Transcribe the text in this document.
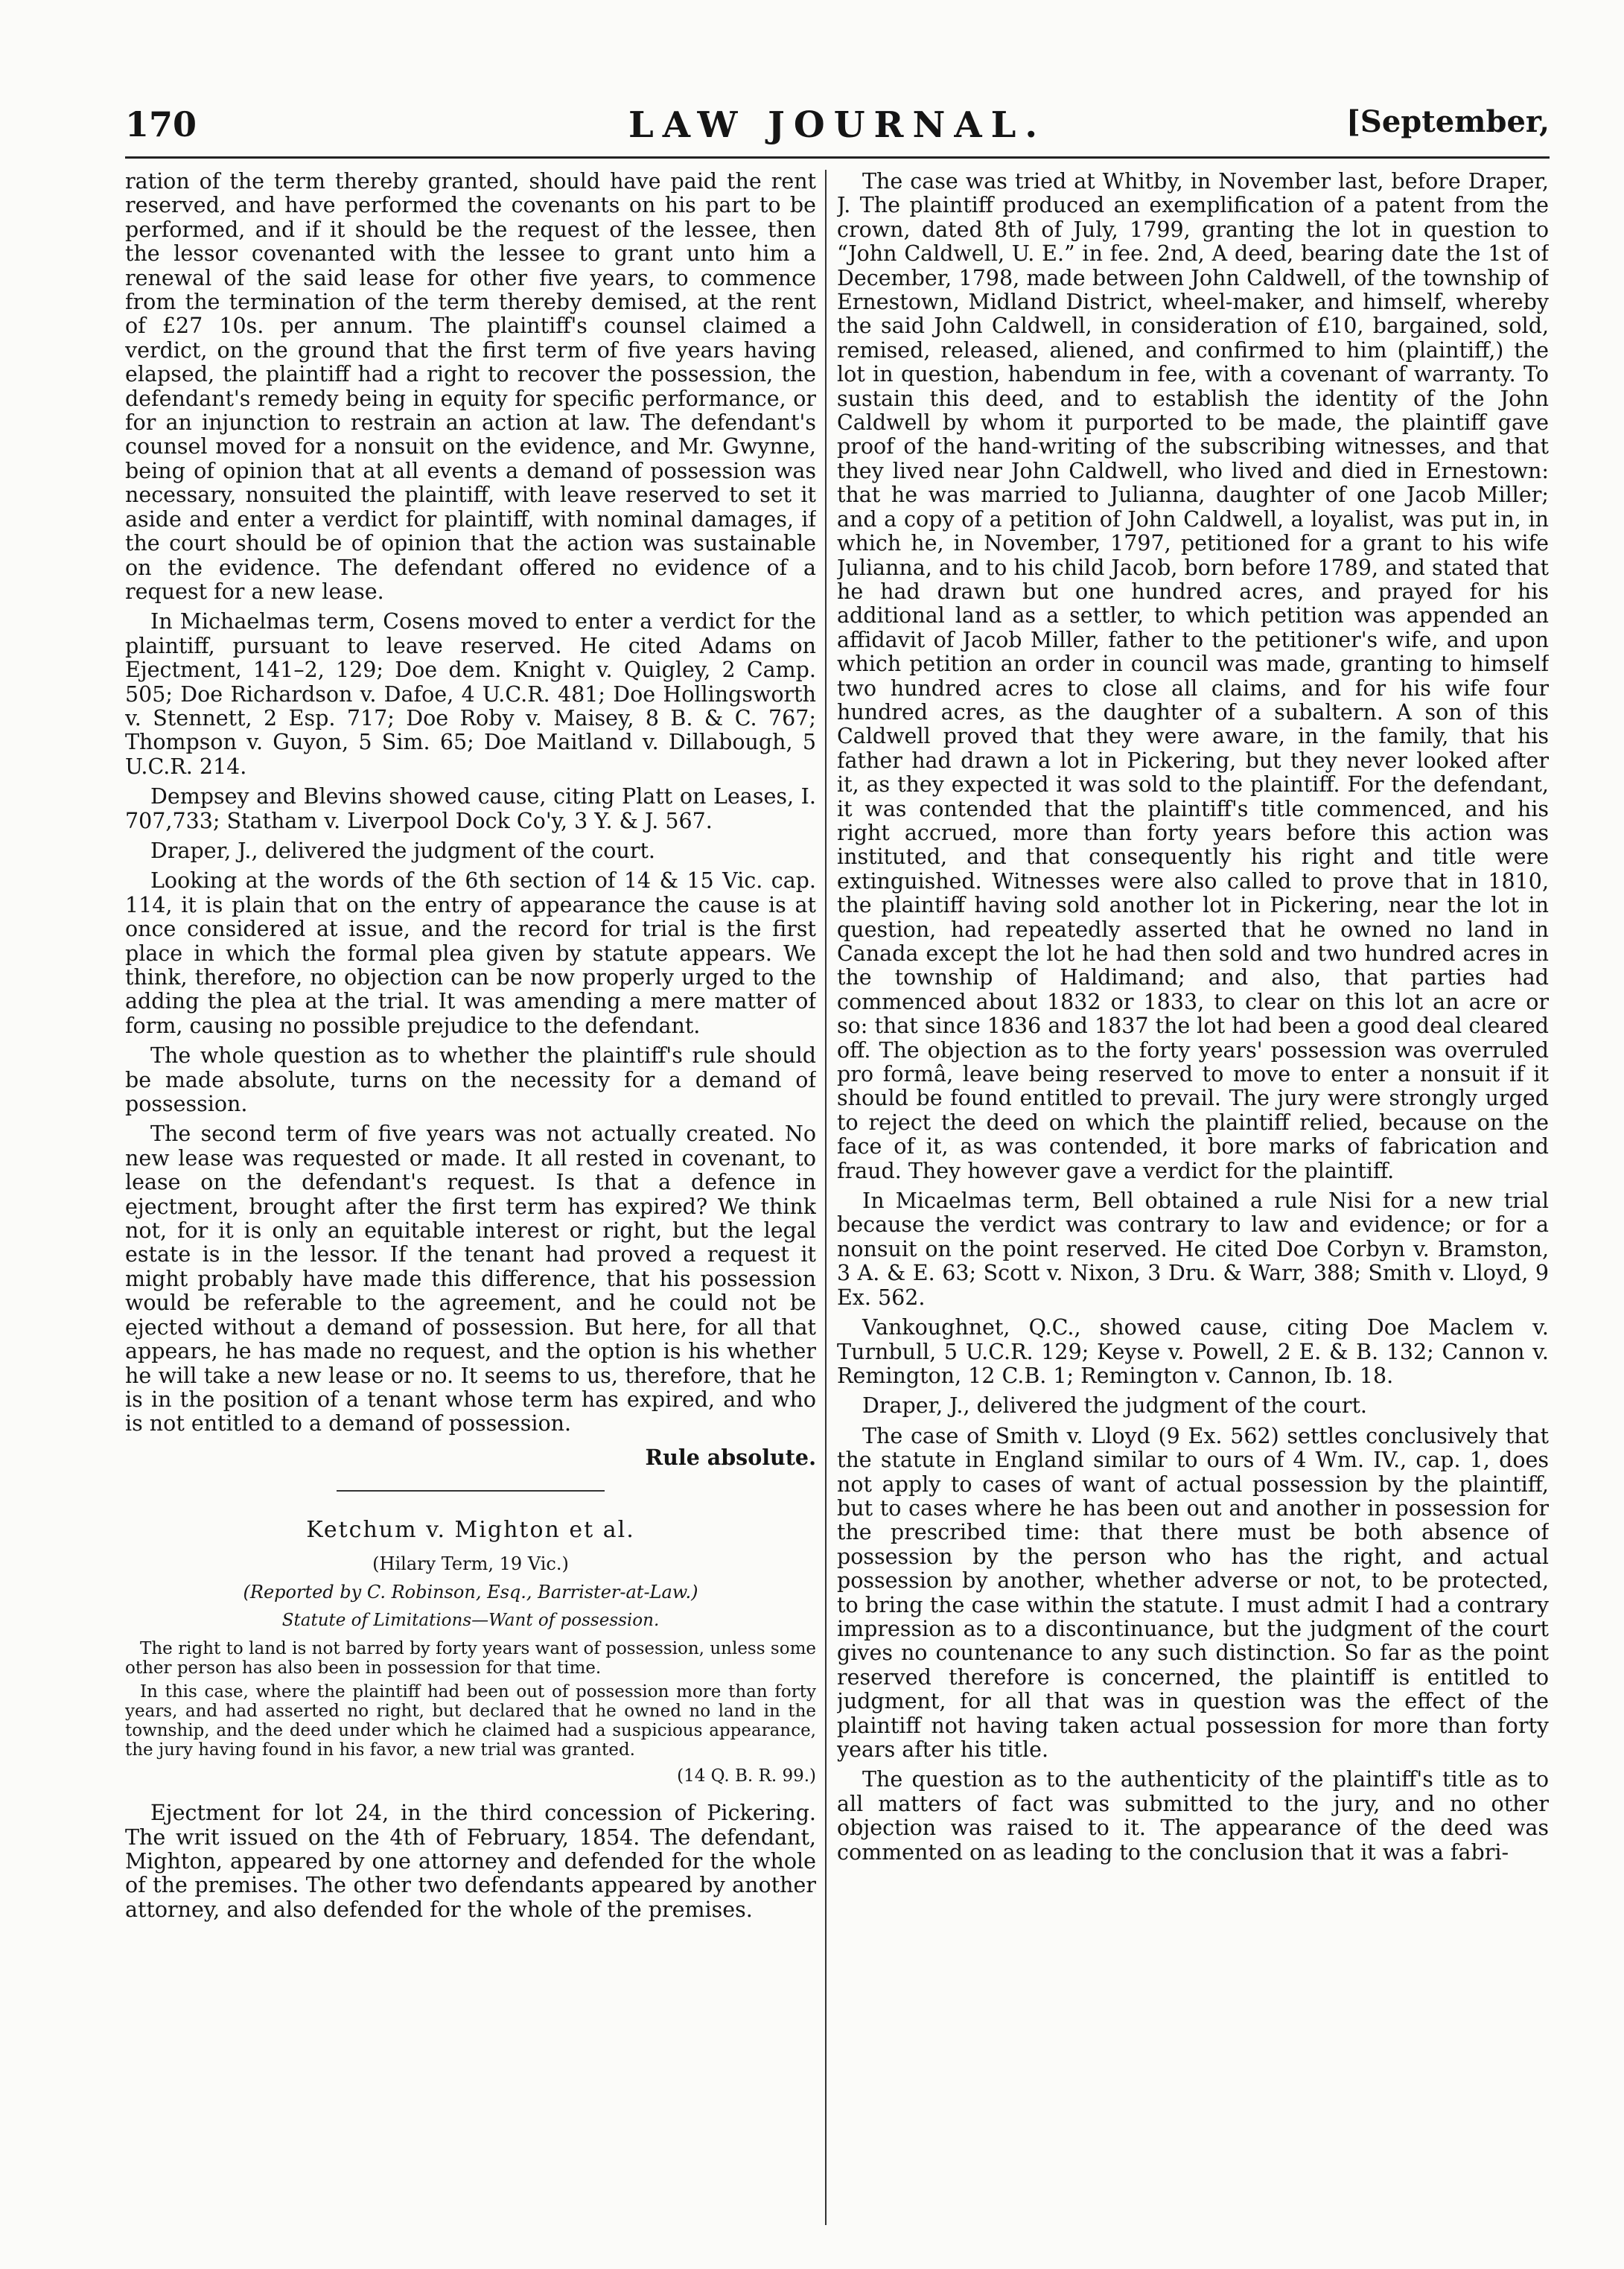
170	LAW JOURNAL.	[September,

ration of the term thereby granted, should have paid the rent reserved, and have performed the covenants on his part to be performed, and if it should be the request of the lessee, then the lessor covenanted with the lessee to grant unto him a renewal of the said lease for other five years, to commence from the termination of the term thereby demised, at the rent of £27 10s. per annum. The plaintiff's counsel claimed a verdict, on the ground that the first term of five years having elapsed, the plaintiff had a right to recover the possession, the defendant's remedy being in equity for specific performance, or for an injunction to restrain an action at law. The defendant's counsel moved for a nonsuit on the evidence, and Mr. Gwynne, being of opinion that at all events a demand of possession was necessary, nonsuited the plaintiff, with leave reserved to set it aside and enter a verdict for plaintiff, with nominal damages, if the court should be of opinion that the action was sustainable on the evidence. The defendant offered no evidence of a request for a new lease.

In Michaelmas term, Cosens moved to enter a verdict for the plaintiff, pursuant to leave reserved. He cited Adams on Ejectment, 141–2, 129; Doe dem. Knight v. Quigley, 2 Camp. 505; Doe Richardson v. Dafoe, 4 U.C.R. 481; Doe Hollingsworth v. Stennett, 2 Esp. 717; Doe Roby v. Maisey, 8 B. & C. 767; Thompson v. Guyon, 5 Sim. 65; Doe Maitland v. Dillabough, 5 U.C.R. 214.

Dempsey and Blevins showed cause, citing Platt on Leases, I. 707,733; Statham v. Liverpool Dock Co'y, 3 Y. & J. 567.

Draper, J., delivered the judgment of the court.

Looking at the words of the 6th section of 14 & 15 Vic. cap. 114, it is plain that on the entry of appearance the cause is at once considered at issue, and the record for trial is the first place in which the formal plea given by statute appears. We think, therefore, no objection can be now properly urged to the adding the plea at the trial. It was amending a mere matter of form, causing no possible prejudice to the defendant.

The whole question as to whether the plaintiff's rule should be made absolute, turns on the necessity for a demand of possession.

The second term of five years was not actually created. No new lease was requested or made. It all rested in covenant, to lease on the defendant's request. Is that a defence in ejectment, brought after the first term has expired? We think not, for it is only an equitable interest or right, but the legal estate is in the lessor. If the tenant had proved a request it might probably have made this difference, that his possession would be referable to the agreement, and he could not be ejected without a demand of possession. But here, for all that appears, he has made no request, and the option is his whether he will take a new lease or no. It seems to us, therefore, that he is in the position of a tenant whose term has expired, and who is not entitled to a demand of possession.

Rule absolute.
Ketchum v. Mighton et al.
(Hilary Term, 19 Vic.)
(Reported by C. Robinson, Esq., Barrister-at-Law.)
Statute of Limitations—Want of possession.
The right to land is not barred by forty years want of possession, unless some other person has also been in possession for that time.
In this case, where the plaintiff had been out of possession more than forty years, and had asserted no right, but declared that he owned no land in the township, and the deed under which he claimed had a suspicious appearance, the jury having found in his favor, a new trial was granted.
(14 Q. B. R. 99.)

Ejectment for lot 24, in the third concession of Pickering. The writ issued on the 4th of February, 1854. The defendant, Mighton, appeared by one attorney and defended for the whole of the premises. The other two defendants appeared by another attorney, and also defended for the whole of the premises.

The case was tried at Whitby, in November last, before Draper, J. The plaintiff produced an exemplification of a patent from the crown, dated 8th of July, 1799, granting the lot in question to “John Caldwell, U. E.” in fee. 2nd, A deed, bearing date the 1st of December, 1798, made between John Caldwell, of the township of Ernestown, Midland District, wheel-maker, and himself, whereby the said John Caldwell, in consideration of £10, bargained, sold, remised, released, aliened, and confirmed to him (plaintiff,) the lot in question, habendum in fee, with a covenant of warranty. To sustain this deed, and to establish the identity of the John Caldwell by whom it purported to be made, the plaintiff gave proof of the hand-writing of the subscribing witnesses, and that they lived near John Caldwell, who lived and died in Ernestown: that he was married to Julianna, daughter of one Jacob Miller; and a copy of a petition of John Caldwell, a loyalist, was put in, in which he, in November, 1797, petitioned for a grant to his wife Julianna, and to his child Jacob, born before 1789, and stated that he had drawn but one hundred acres, and prayed for his additional land as a settler, to which petition was appended an affidavit of Jacob Miller, father to the petitioner's wife, and upon which petition an order in council was made, granting to himself two hundred acres to close all claims, and for his wife four hundred acres, as the daughter of a subaltern. A son of this Caldwell proved that they were aware, in the family, that his father had drawn a lot in Pickering, but they never looked after it, as they expected it was sold to the plaintiff. For the defendant, it was contended that the plaintiff's title commenced, and his right accrued, more than forty years before this action was instituted, and that consequently his right and title were extinguished. Witnesses were also called to prove that in 1810, the plaintiff having sold another lot in Pickering, near the lot in question, had repeatedly asserted that he owned no land in Canada except the lot he had then sold and two hundred acres in the township of Haldimand; and also, that parties had commenced about 1832 or 1833, to clear on this lot an acre or so: that since 1836 and 1837 the lot had been a good deal cleared off. The objection as to the forty years' possession was overruled pro formâ, leave being reserved to move to enter a nonsuit if it should be found entitled to prevail. The jury were strongly urged to reject the deed on which the plaintiff relied, because on the face of it, as was contended, it bore marks of fabrication and fraud. They however gave a verdict for the plaintiff.

In Micaelmas term, Bell obtained a rule Nisi for a new trial because the verdict was contrary to law and evidence; or for a nonsuit on the point reserved. He cited Doe Corbyn v. Bramston, 3 A. & E. 63; Scott v. Nixon, 3 Dru. & Warr, 388; Smith v. Lloyd, 9 Ex. 562.

Vankoughnet, Q.C., showed cause, citing Doe Maclem v. Turnbull, 5 U.C.R. 129; Keyse v. Powell, 2 E. & B. 132; Cannon v. Remington, 12 C.B. 1; Remington v. Cannon, Ib. 18.

Draper, J., delivered the judgment of the court.

The case of Smith v. Lloyd (9 Ex. 562) settles conclusively that the statute in England similar to ours of 4 Wm. IV., cap. 1, does not apply to cases of want of actual possession by the plaintiff, but to cases where he has been out and another in possession for the prescribed time: that there must be both absence of possession by the person who has the right, and actual possession by another, whether adverse or not, to be protected, to bring the case within the statute. I must admit I had a contrary impression as to a discontinuance, but the judgment of the court gives no countenance to any such distinction. So far as the point reserved therefore is concerned, the plaintiff is entitled to judgment, for all that was in question was the effect of the plaintiff not having taken actual possession for more than forty years after his title.

The question as to the authenticity of the plaintiff's title as to all matters of fact was submitted to the jury, and no other objection was raised to it. The appearance of the deed was commented on as leading to the conclusion that it was a fabri-
